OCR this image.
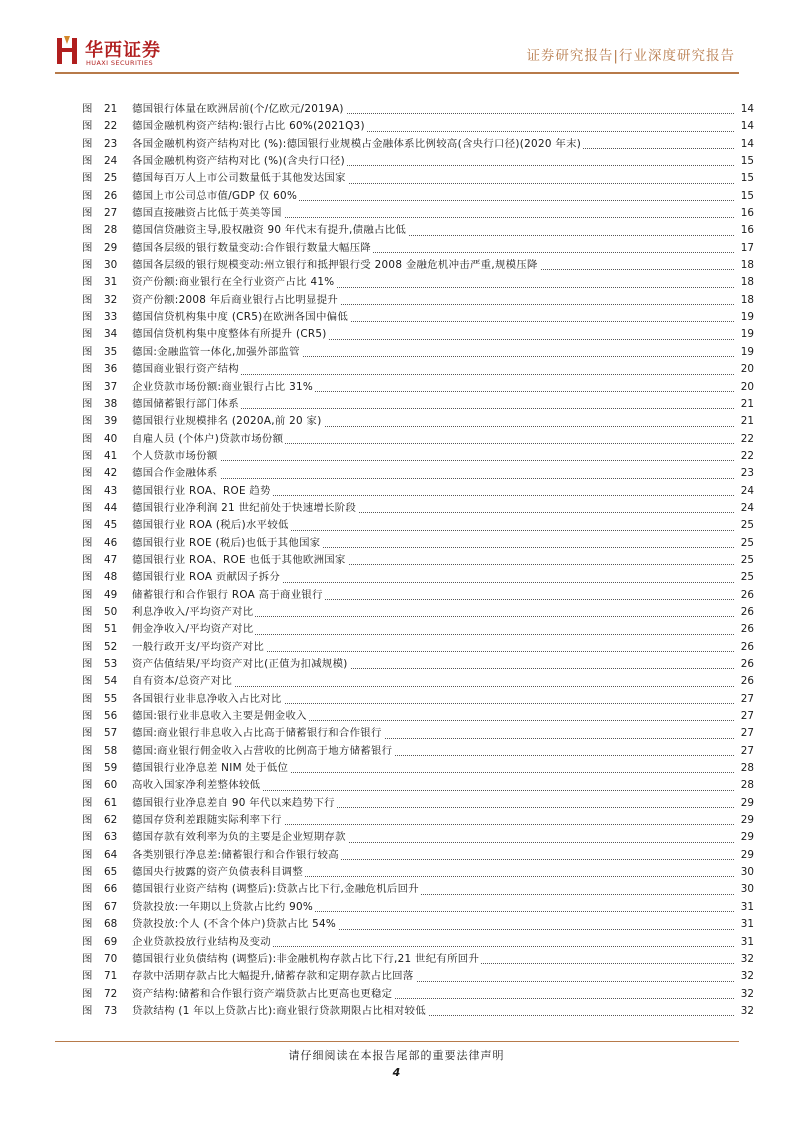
华西证券
HUAXI SECURITIES	证券研究报告|行业深度研究报告
图 21 德国银行体量在欧洲居前(个/亿欧元/2019A)	14
图 22 德国金融机构资产结构:银行占比 60%(2021Q3)	14
图 23 各国金融机构资产结构对比 (%):德国银行业规模占金融体系比例较高(含央行口径)(2020 年末)	14
图 24 各国金融机构资产结构对比 (%)(含央行口径)	15
图 25 德国每百万人上市公司数量低于其他发达国家	15
图 26 德国上市公司总市值/GDP 仅 60%	15
图 27 德国直接融资占比低于英美等国	16
图 28 德国信贷融资主导,股权融资 90 年代末有提升,债融占比低	16
图 29 德国各层级的银行数量变动:合作银行数量大幅压降	17
图 30 德国各层级的银行规模变动:州立银行和抵押银行受 2008 金融危机冲击严重,规模压降	18
图 31 资产份额:商业银行在全行业资产占比 41%	18
图 32 资产份额:2008 年后商业银行占比明显提升	18
图 33 德国信贷机构集中度 (CR5)在欧洲各国中偏低	19
图 34 德国信贷机构集中度整体有所提升 (CR5)	19
图 35 德国:金融监管一体化,加强外部监管	19
图 36 德国商业银行资产结构	20
图 37 企业贷款市场份额:商业银行占比 31%	20
图 38 德国储蓄银行部门体系	21
图 39 德国银行业规模排名 (2020A,前 20 家)	21
图 40 自雇人员 (个体户)贷款市场份额	22
图 41 个人贷款市场份额	22
图 42 德国合作金融体系	23
图 43 德国银行业 ROA、ROE 趋势	24
图 44 德国银行业净利润 21 世纪前处于快速增长阶段	24
图 45 德国银行业 ROA (税后)水平较低	25
图 46 德国银行业 ROE (税后)也低于其他国家	25
图 47 德国银行业 ROA、ROE 也低于其他欧洲国家	25
图 48 德国银行业 ROA 贡献因子拆分	25
图 49 储蓄银行和合作银行 ROA 高于商业银行	26
图 50 利息净收入/平均资产对比	26
图 51 佣金净收入/平均资产对比	26
图 52 一般行政开支/平均资产对比	26
图 53 资产估值结果/平均资产对比(正值为扣减规模)	26
图 54 自有资本/总资产对比	26
图 55 各国银行业非息净收入占比对比	27
图 56 德国:银行业非息收入主要是佣金收入	27
图 57 德国:商业银行非息收入占比高于储蓄银行和合作银行	27
图 58 德国:商业银行佣金收入占营收的比例高于地方储蓄银行	27
图 59 德国银行业净息差 NIM 处于低位	28
图 60 高收入国家净利差整体较低	28
图 61 德国银行业净息差自 90 年代以来趋势下行	29
图 62 德国存贷利差跟随实际利率下行	29
图 63 德国存款有效利率为负的主要是企业短期存款	29
图 64 各类别银行净息差:储蓄银行和合作银行较高	29
图 65 德国央行披露的资产负债表科目调整	30
图 66 德国银行业资产结构 (调整后):贷款占比下行,金融危机后回升	30
图 67 贷款投放:一年期以上贷款占比约 90%	31
图 68 贷款投放:个人 (不含个体户)贷款占比 54%	31
图 69 企业贷款投放行业结构及变动	31
图 70 德国银行业负债结构 (调整后):非金融机构存款占比下行,21 世纪有所回升	32
图 71 存款中活期存款占比大幅提升,储蓄存款和定期存款占比回落	32
图 72 资产结构:储蓄和合作银行资产端贷款占比更高也更稳定	32
图 73 贷款结构 (1 年以上贷款占比):商业银行贷款期限占比相对较低	32
请仔细阅读在本报告尾部的重要法律声明
4
